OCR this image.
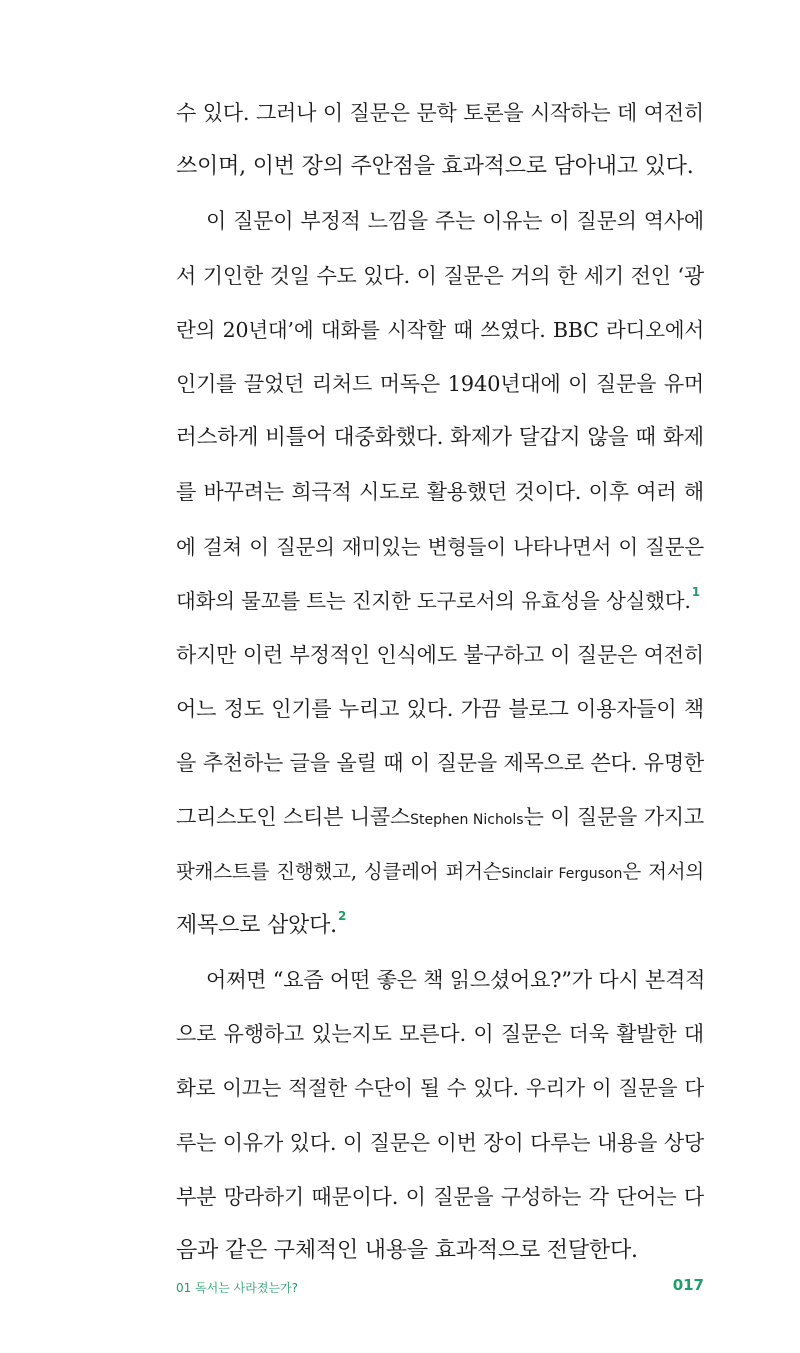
수 있다. 그러나 이 질문은 문학 토론을 시작하는 데 여전히
쓰이며, 이번 장의 주안점을 효과적으로 담아내고 있다.
이 질문이 부정적 느낌을 주는 이유는 이 질문의 역사에
서 기인한 것일 수도 있다. 이 질문은 거의 한 세기 전인 ‘광
란의 20년대’에 대화를 시작할 때 쓰였다. BBC 라디오에서
인기를 끌었던 리처드 머독은 1940년대에 이 질문을 유머
러스하게 비틀어 대중화했다. 화제가 달갑지 않을 때 화제
를 바꾸려는 희극적 시도로 활용했던 것이다. 이후 여러 해
에 걸쳐 이 질문의 재미있는 변형들이 나타나면서 이 질문은
대화의 물꼬를 트는 진지한 도구로서의 유효성을 상실했다.$^1$
하지만 이런 부정적인 인식에도 불구하고 이 질문은 여전히
어느 정도 인기를 누리고 있다. 가끔 블로그 이용자들이 책
을 추천하는 글을 올릴 때 이 질문을 제목으로 쓴다. 유명한
그리스도인 스티븐 니콜스Stephen Nichols는 이 질문을 가지고
팟캐스트를 진행했고, 싱클레어 퍼거슨Sinclair Ferguson은 저서의
제목으로 삼았다.$^2$
어쩌면 “요즘 어떤 좋은 책 읽으셨어요?”가 다시 본격적
으로 유행하고 있는지도 모른다. 이 질문은 더욱 활발한 대
화로 이끄는 적절한 수단이 될 수 있다. 우리가 이 질문을 다
루는 이유가 있다. 이 질문은 이번 장이 다루는 내용을 상당
부분 망라하기 때문이다. 이 질문을 구성하는 각 단어는 다
음과 같은 구체적인 내용을 효과적으로 전달한다.
01 독서는 사라졌는가?	017
